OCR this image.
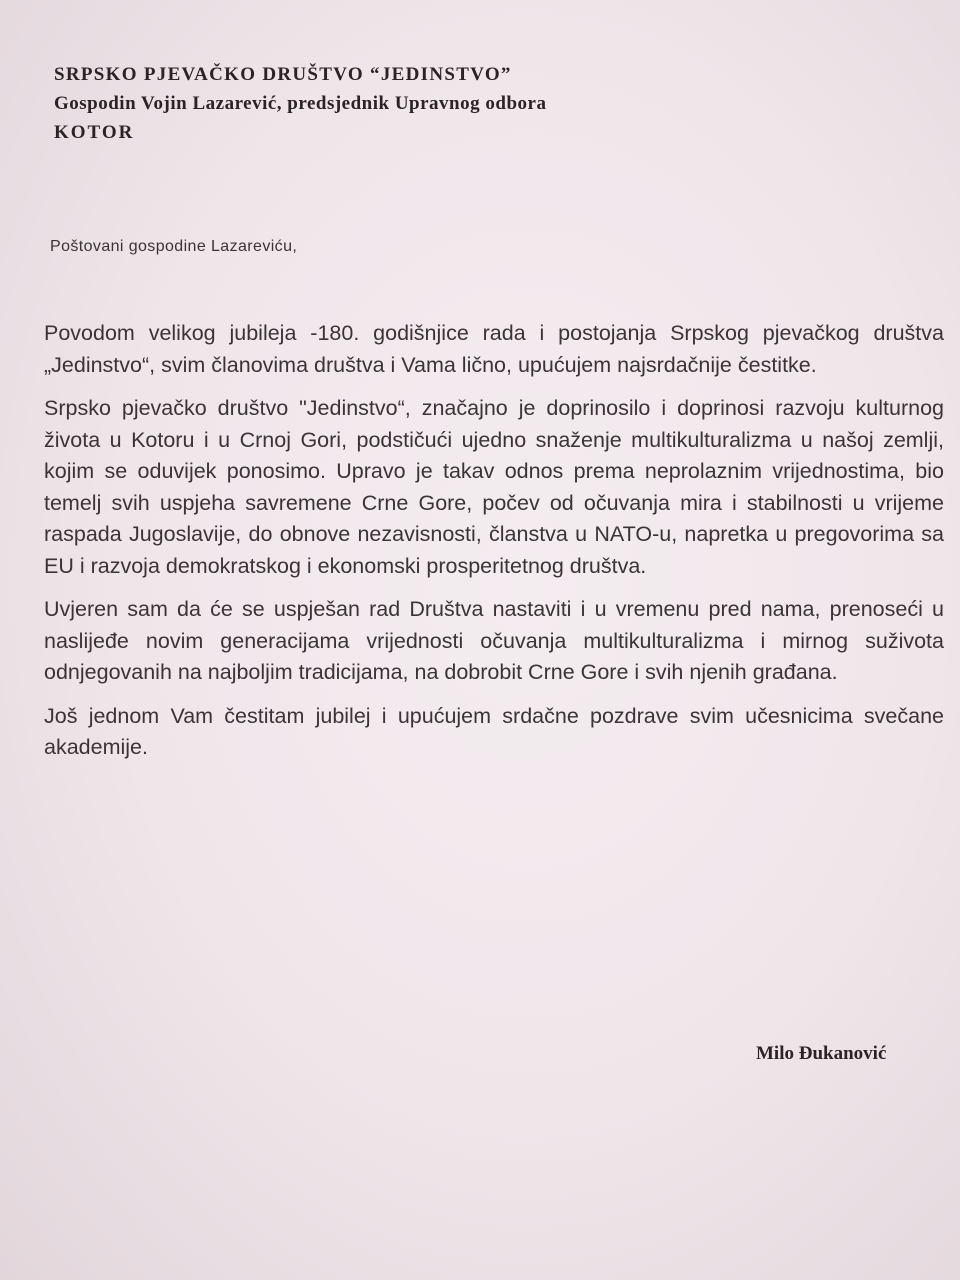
SRPSKO PJEVAČKO DRUŠTVO “JEDINSTVO”
Gospodin Vojin Lazarević, predsjednik Upravnog odbora
KOTOR
Poštovani gospodine Lazareviću,

Povodom velikog jubileja -180. godišnjice rada i postojanja Srpskog pjevačkog društva „Jedinstvo“, svim članovima društva i Vama lično, upućujem najsrdačnije čestitke.

Srpsko pjevačko društvo "Jedinstvo“, značajno je doprinosilo i doprinosi razvoju kulturnog života u Kotoru i u Crnoj Gori, podstičući ujedno snaženje multikulturalizma u našoj zemlji, kojim se oduvijek ponosimo. Upravo je takav odnos prema neprolaznim vrijednostima, bio temelj svih uspjeha savremene Crne Gore, počev od očuvanja mira i stabilnosti u vrijeme raspada Jugoslavije, do obnove nezavisnosti, članstva u NATO-u, napretka u pregovorima sa EU i razvoja demokratskog i ekonomski prosperitetnog društva.

Uvjeren sam da će se uspješan rad Društva nastaviti i u vremenu pred nama, prenoseći u naslijeđe novim generacijama vrijednosti očuvanja multikulturalizma i mirnog suživota odnjegovanih na najboljim tradicijama, na dobrobit Crne Gore i svih njenih građana.

Još jednom Vam čestitam jubilej i upućujem srdačne pozdrave svim učesnicima svečane akademije.

Milo Đukanović
